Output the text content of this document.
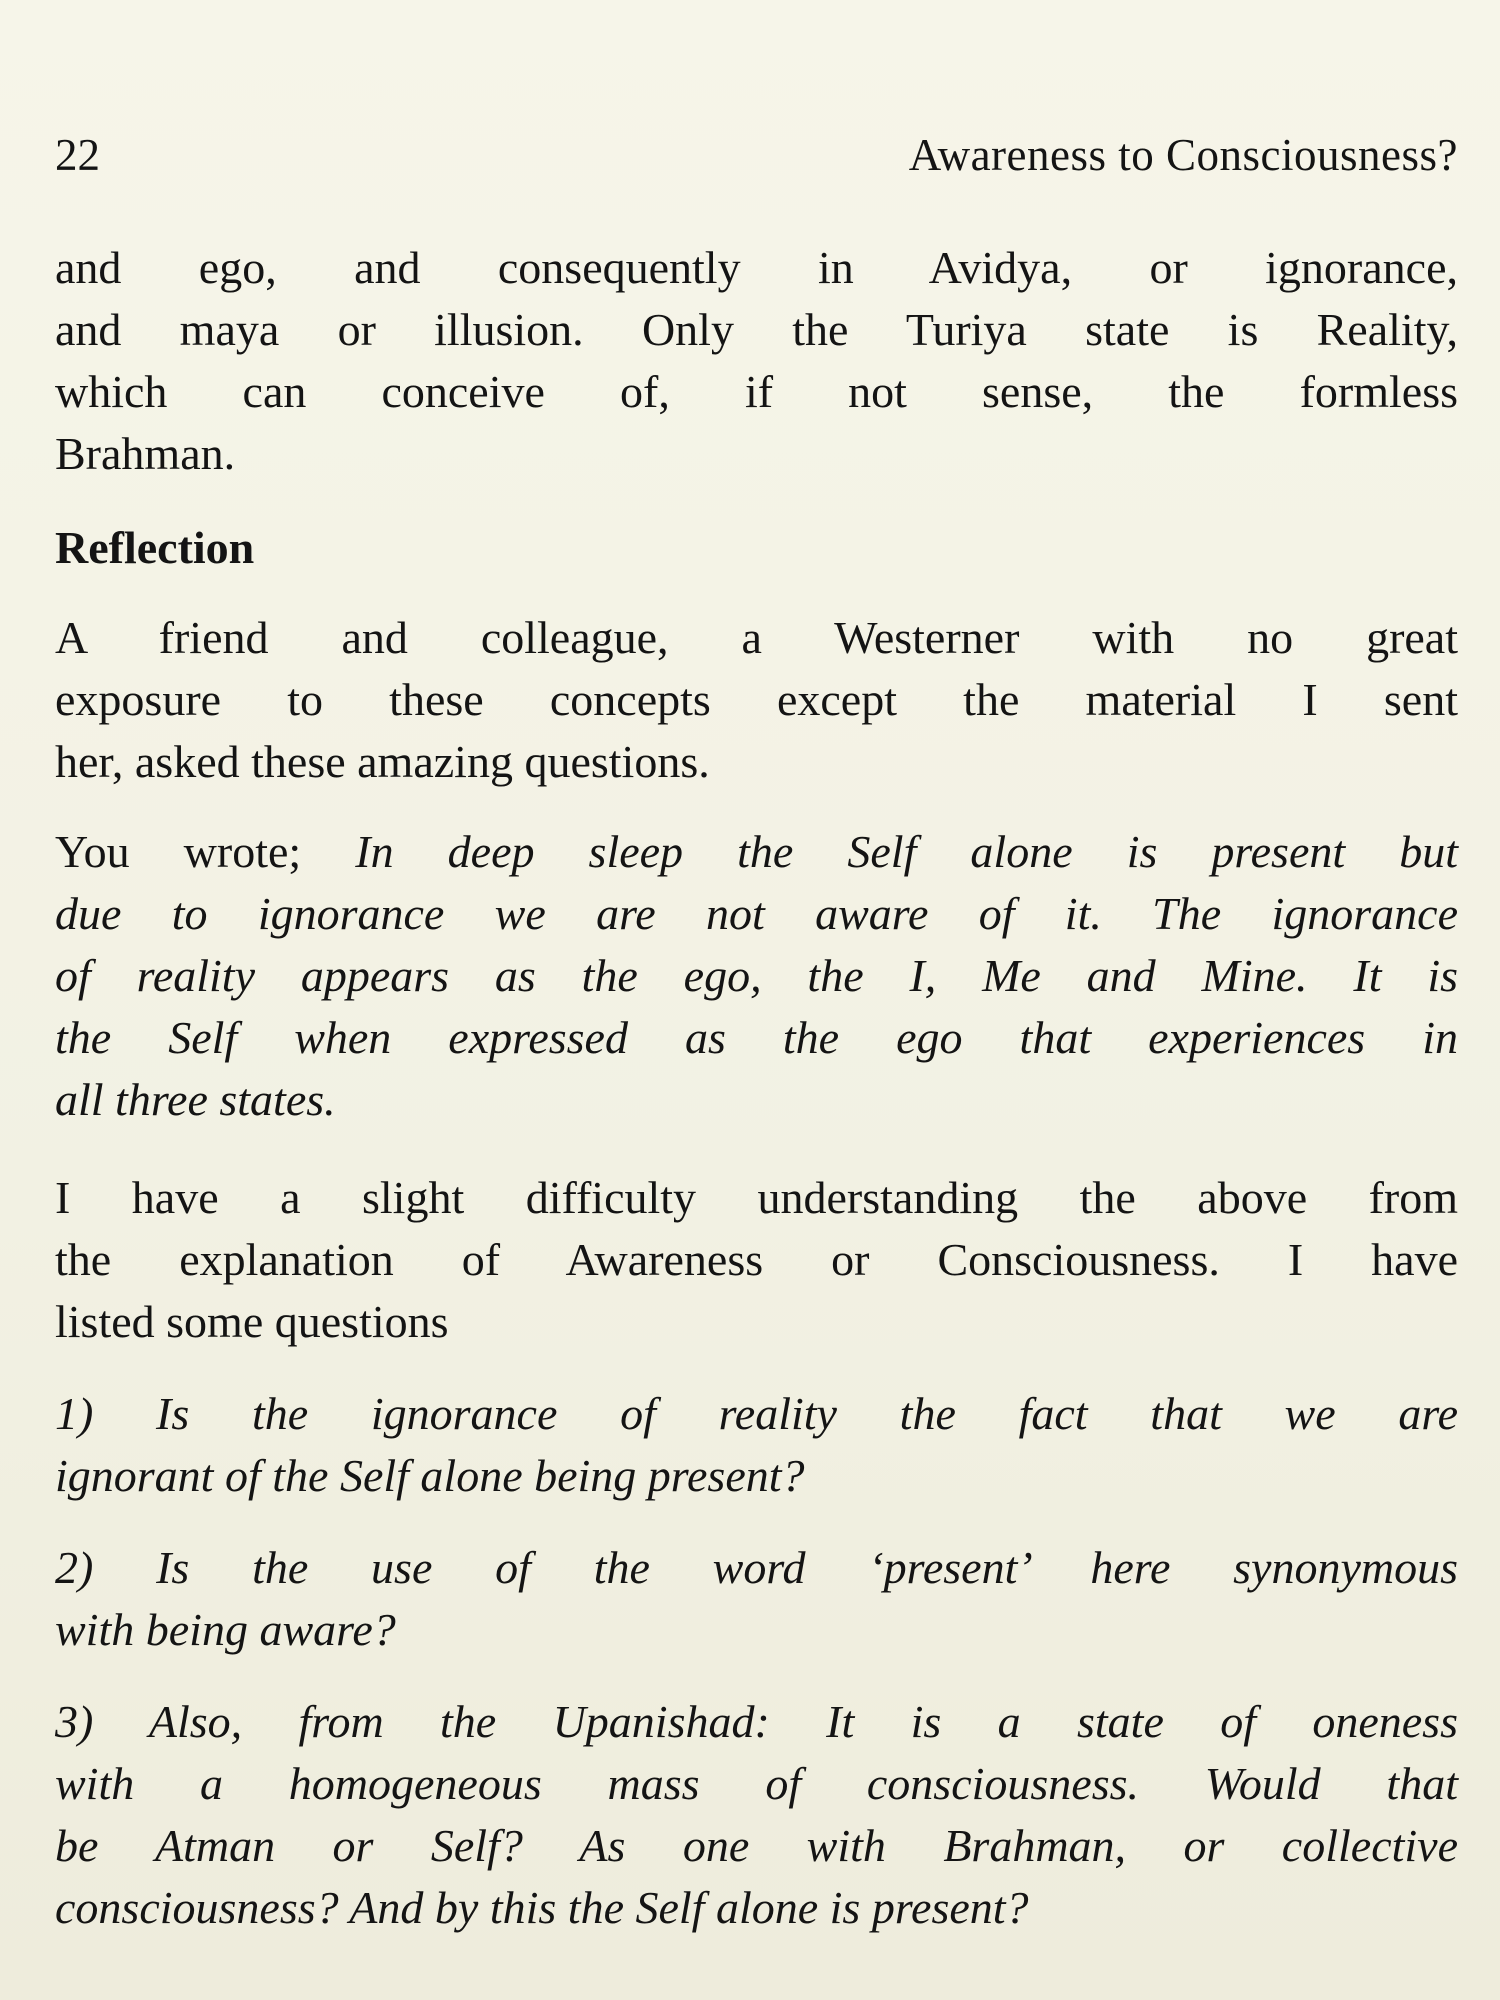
22	Awareness to Consciousness?
and ego, and consequently in Avidya, or ignorance,
and maya or illusion. Only the Turiya state is Reality,
which can conceive of, if not sense, the formless
Brahman.
Reflection
A friend and colleague, a Westerner with no great
exposure to these concepts except the material I sent
her, asked these amazing questions.
You wrote; In deep sleep the Self alone is present but
due to ignorance we are not aware of it. The ignorance
of reality appears as the ego, the I, Me and Mine. It is
the Self when expressed as the ego that experiences in
all three states.
I have a slight difficulty understanding the above from
the explanation of Awareness or Consciousness. I have
listed some questions
1) Is the ignorance of reality the fact that we are
ignorant of the Self alone being present?
2) Is the use of the word ‘present’ here synonymous
with being aware?
3) Also, from the Upanishad: It is a state of oneness
with a homogeneous mass of consciousness. Would that
be Atman or Self? As one with Brahman, or collective
consciousness? And by this the Self alone is present?
